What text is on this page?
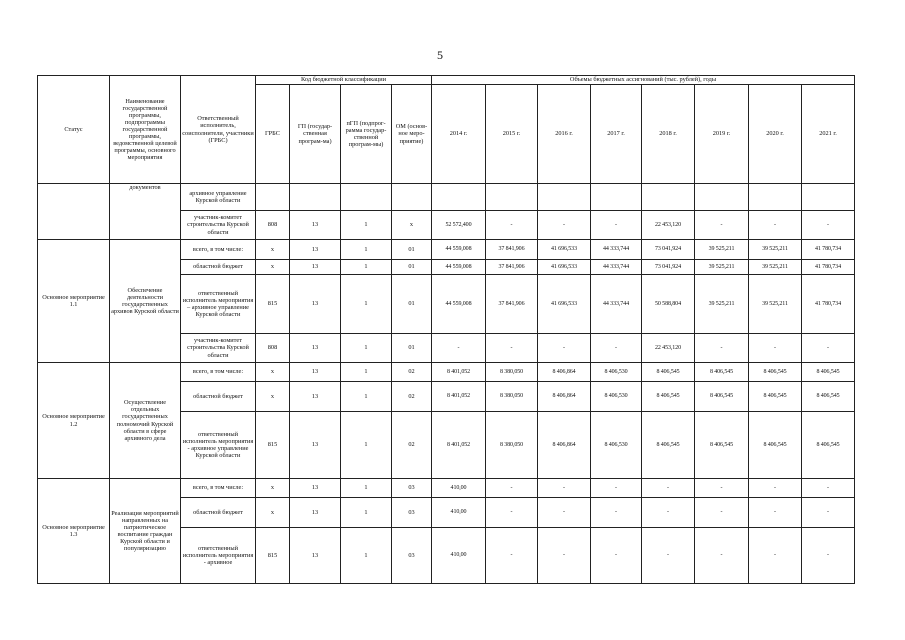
5
Статус	Наименование государственной программы, подпрограммы государственной программы, ведомственной целевой программы, основного мероприятия	Ответственный исполнитель, соисполнители, участники (ГРБС)	Код бюджетной классификации				Объемы бюджетных ассигнований (тыс. рублей), годы							
			ГРБС	ГП (государ-ственная програм-ма)	пГП (подпрог-рамма государ-ственной програм-мы)	ОМ (основ-ное меро-приятие)	2014 г.	2015 г.	2016 г.	2017 г.	2018 г.	2019 г.	2020 г.	2021 г.
	документов	архивное управление Курской области												
		участник-комитет строительства Курской области	808	13	1	х	52 572,400	-	-	-	22 453,120	-	-	-
Основное мероприятие 1.1	Обеспечение деятельности государственных архивов Курской области	всего, в том числе:	х	13	1	01	44 559,008	37 841,906	41 696,533	44 333,744	73 041,924	39 525,211	39 525,211	41 780,734
		областной бюджет	х	13	1	01	44 559,008	37 841,906	41 696,533	44 333,744	73 041,924	39 525,211	39 525,211	41 780,734
		ответственный исполнитель мероприятия – архивное управление Курской области	815	13	1	01	44 559,008	37 841,906	41 696,533	44 333,744	50 588,804	39 525,211	39 525,211	41 780,734
		участник-комитет строительства Курской области	808	13	1	01	-	-	-	-	22 453,120	-	-	-
Основное мероприятие 1.2	Осуществление отдельных государственных полномочий Курской области в сфере архивного дела	всего, в том числе:	х	13	1	02	8 401,052	8 380,050	8 406,864	8 406,530	8 406,545	8 406,545	8 406,545	8 406,545
		областной бюджет	х	13	1	02	8 401,052	8 380,050	8 406,864	8 406,530	8 406,545	8 406,545	8 406,545	8 406,545
		ответственный исполнитель мероприятия - архивное управление Курской области	815	13	1	02	8 401,052	8 380,050	8 406,864	8 406,530	8 406,545	8 406,545	8 406,545	8 406,545
Основное мероприятие 1.3	Реализация мероприятий направленных на патриотическое воспитание граждан Курской области и популяризацию	всего, в том числе:	х	13	1	03	410,00	-	-	-	-	-	-	-
		областной бюджет	х	13	1	03	410,00	-	-	-	-	-	-	-
		ответственный исполнитель мероприятия - архивное	815	13	1	03	410,00	-	-	-	-	-	-	-
